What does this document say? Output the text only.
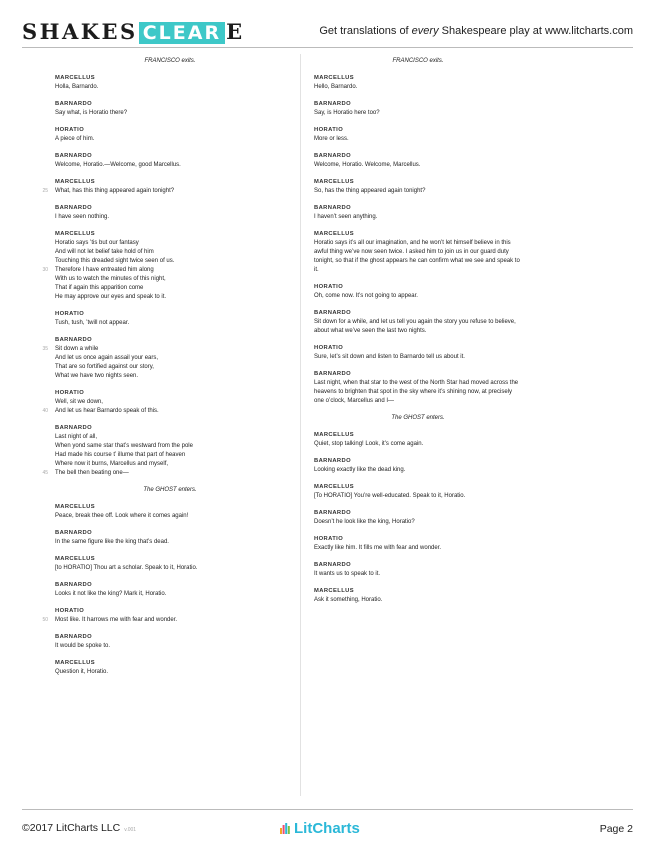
SHAKES CLEAR E	Get translations of every Shakespeare play at www.litcharts.com
FRANCISCO exits.
MARCELLUS
Holla, Barnardo.
BARNARDO
Say what, is Horatio there?
HORATIO
A piece of him.
BARNARDO
Welcome, Horatio.—Welcome, good Marcellus.
MARCELLUS
25 What, has this thing appeared again tonight?
BARNARDO
I have seen nothing.
MARCELLUS
Horatio says ’tis but our fantasy
And will not let belief take hold of him
Touching this dreaded sight twice seen of us.
30 Therefore I have entreated him along
With us to watch the minutes of this night,
That if again this apparition come
He may approve our eyes and speak to it.
HORATIO
Tush, tush, ’twill not appear.
BARNARDO
35 Sit down a while
And let us once again assail your ears,
That are so fortified against our story,
What we have two nights seen.
HORATIO
Well, sit we down,
40 And let us hear Barnardo speak of this.
BARNARDO
Last night of all,
When yond same star that’s westward from the pole
Had made his course t’ illume that part of heaven
Where now it burns, Marcellus and myself,
45 The bell then beating one—
The GHOST enters.
MARCELLUS
Peace, break thee off. Look where it comes again!
BARNARDO
In the same figure like the king that’s dead.
MARCELLUS
[to HORATIO] Thou art a scholar. Speak to it, Horatio.
BARNARDO
Looks it not like the king? Mark it, Horatio.
HORATIO
50 Most like. It harrows me with fear and wonder.
BARNARDO
It would be spoke to.
MARCELLUS
Question it, Horatio.
FRANCISCO exits.
MARCELLUS
Hello, Barnardo.
BARNARDO
Say, is Horatio here too?
HORATIO
More or less.
BARNARDO
Welcome, Horatio. Welcome, Marcellus.
MARCELLUS
So, has the thing appeared again tonight?
BARNARDO
I haven’t seen anything.
MARCELLUS
Horatio says it’s all our imagination, and he won’t let himself believe in this awful thing we’ve now seen twice. I asked him to join us in our guard duty tonight, so that if the ghost appears he can confirm what we see and speak to it.
HORATIO
Oh, come now. It’s not going to appear.
BARNARDO
Sit down for a while, and let us tell you again the story you refuse to believe, about what we’ve seen the last two nights.
HORATIO
Sure, let’s sit down and listen to Barnardo tell us about it.
BARNARDO
Last night, when that star to the west of the North Star had moved across the heavens to brighten that spot in the sky where it’s shining now, at precisely one o’clock, Marcellus and I—
The GHOST enters.
MARCELLUS
Quiet, stop talking! Look, it’s come again.
BARNARDO
Looking exactly like the dead king.
MARCELLUS
[To HORATIO] You’re well-educated. Speak to it, Horatio.
BARNARDO
Doesn’t he look like the king, Horatio?
HORATIO
Exactly like him. It fills me with fear and wonder.
BARNARDO
It wants us to speak to it.
MARCELLUS
Ask it something, Horatio.
©2017 LitCharts LLC v.001	LitCharts	Page 2
